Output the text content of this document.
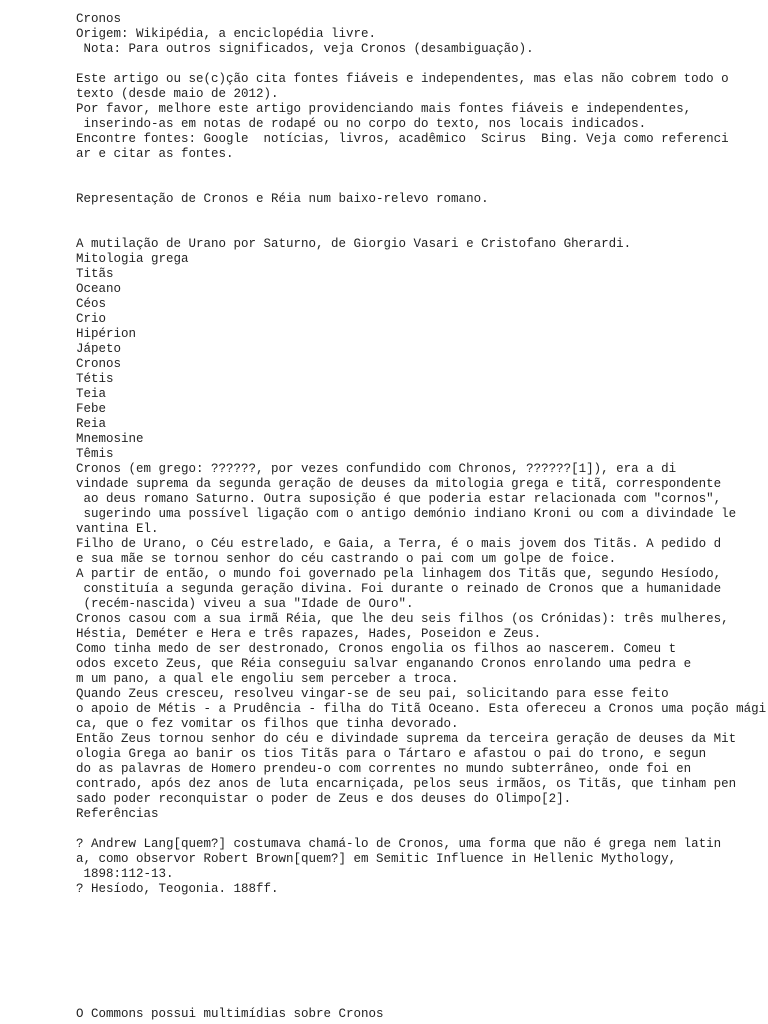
Cronos
Origem: Wikipédia, a enciclopédia livre.
Nota: Para outros significados, veja Cronos (desambiguação).
Este artigo ou se(c)ção cita fontes fiáveis e independentes, mas elas não cobrem todo o
texto (desde maio de 2012).
Por favor, melhore este artigo providenciando mais fontes fiáveis e independentes,
inserindo-as em notas de rodapé ou no corpo do texto, nos locais indicados.
Encontre fontes: Google  notícias, livros, acadêmico  Scirus  Bing. Veja como referenci
ar e citar as fontes.
Representação de Cronos e Réia num baixo-relevo romano.
A mutilação de Urano por Saturno, de Giorgio Vasari e Cristofano Gherardi.
Mitologia grega
Titãs
Oceano
Céos
Crio
Hipérion
Jápeto
Cronos
Tétis
Teia
Febe
Reia
Mnemosine
Têmis
Cronos (em grego: ??????, por vezes confundido com Chronos, ??????[1]), era a di
vindade suprema da segunda geração de deuses da mitologia grega e titã, correspondente
ao deus romano Saturno. Outra suposição é que poderia estar relacionada com "cornos",
sugerindo uma possível ligação com o antigo demónio indiano Kroni ou com a divindade le
vantina El.
Filho de Urano, o Céu estrelado, e Gaia, a Terra, é o mais jovem dos Titãs. A pedido d
e sua mãe se tornou senhor do céu castrando o pai com um golpe de foice.
A partir de então, o mundo foi governado pela linhagem dos Titãs que, segundo Hesíodo,
constituía a segunda geração divina. Foi durante o reinado de Cronos que a humanidade
(recém-nascida) viveu a sua "Idade de Ouro".
Cronos casou com a sua irmã Réia, que lhe deu seis filhos (os Crónidas): três mulheres,
Héstia, Deméter e Hera e três rapazes, Hades, Poseidon e Zeus.
Como tinha medo de ser destronado, Cronos engolia os filhos ao nascerem. Comeu t
odos exceto Zeus, que Réia conseguiu salvar enganando Cronos enrolando uma pedra e
m um pano, a qual ele engoliu sem perceber a troca.
Quando Zeus cresceu, resolveu vingar-se de seu pai, solicitando para esse feito
o apoio de Métis - a Prudência - filha do Titã Oceano. Esta ofereceu a Cronos uma poção mági
ca, que o fez vomitar os filhos que tinha devorado.
Então Zeus tornou senhor do céu e divindade suprema da terceira geração de deuses da Mit
ologia Grega ao banir os tios Titãs para o Tártaro e afastou o pai do trono, e segun
do as palavras de Homero prendeu-o com correntes no mundo subterrâneo, onde foi en
contrado, após dez anos de luta encarniçada, pelos seus irmãos, os Titãs, que tinham pen
sado poder reconquistar o poder de Zeus e dos deuses do Olimpo[2].
Referências
? Andrew Lang[quem?] costumava chamá-lo de Cronos, uma forma que não é grega nem latin
a, como observor Robert Brown[quem?] em Semitic Influence in Hellenic Mythology,
1898:112-13.
? Hesíodo, Teogonia. 188ff.
O Commons possui multimídias sobre Cronos
